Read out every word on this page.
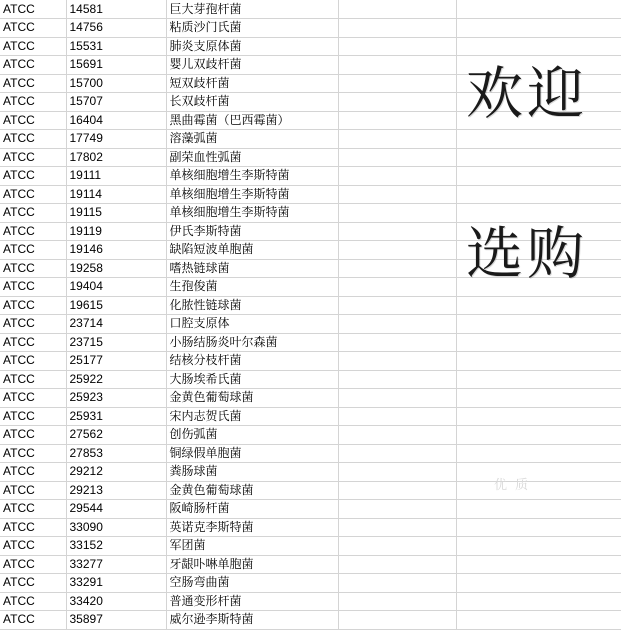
ATCC	14581	巨大芽孢杆菌		
ATCC	14756	粘质沙门氏菌		
ATCC	15531	肺炎支原体菌		
ATCC	15691	婴儿双歧杆菌		
ATCC	15700	短双歧杆菌		
ATCC	15707	长双歧杆菌		
ATCC	16404	黑曲霉菌（巴西霉菌）		
ATCC	17749	溶藻弧菌		
ATCC	17802	副荣血性弧菌		
ATCC	19111	单核细胞增生李斯特菌		
ATCC	19114	单核细胞增生李斯特菌		
ATCC	19115	单核细胞增生李斯特菌		
ATCC	19119	伊氏李斯特菌		
ATCC	19146	缺陷短波单胞菌		
ATCC	19258	嗜热链球菌		
ATCC	19404	生孢俊菌		
ATCC	19615	化脓性链球菌		
ATCC	23714	口腔支原体		
ATCC	23715	小肠结肠炎叶尔森菌		
ATCC	25177	结核分枝杆菌		
ATCC	25922	大肠埃希氏菌		
ATCC	25923	金黄色葡萄球菌		
ATCC	25931	宋内志贺氏菌		
ATCC	27562	创伤弧菌		
ATCC	27853	铜绿假单胞菌		
ATCC	29212	粪肠球菌		
ATCC	29213	金黄色葡萄球菌		
ATCC	29544	阪崎肠杆菌		
ATCC	33090	英诺克李斯特菌		
ATCC	33152	军团菌		
ATCC	33277	牙龈卟啉单胞菌		
ATCC	33291	空肠弯曲菌		
ATCC	33420	普通变形杆菌		
ATCC	35897	威尔逊李斯特菌		
欢迎
选购
优 质
